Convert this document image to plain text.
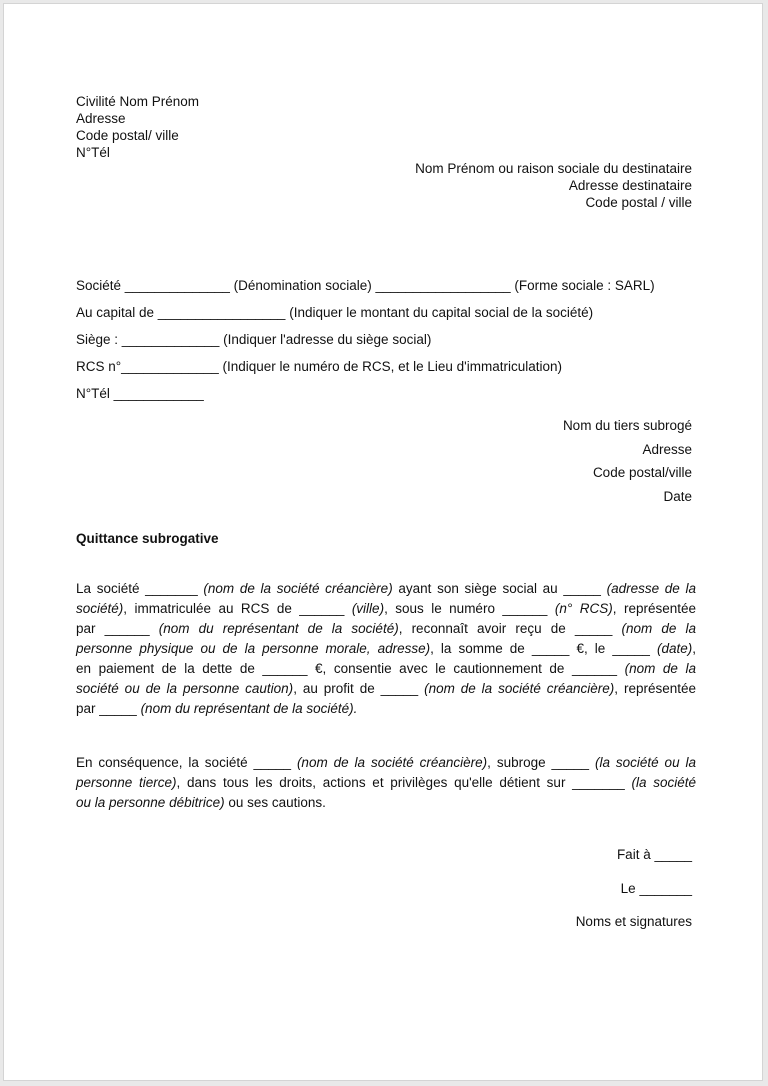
Civilité Nom Prénom
Adresse
Code postal/ ville
N°Tél
Nom Prénom ou raison sociale du destinataire
Adresse destinataire
Code postal / ville

Société ______________ (Dénomination sociale) __________________ (Forme sociale : SARL)

Au capital de _________________ (Indiquer le montant du capital social de la société)

Siège : _____________ (Indiquer l'adresse du siège social)

RCS n°_____________ (Indiquer le numéro de RCS, et le Lieu d'immatriculation)

N°Tél ____________

Nom du tiers subrogé
Adresse
Code postal/ville
Date

Quittance subrogative

La société _______ (nom de la société créancière) ayant son siège social au _____ (adresse de la
société), immatriculée au RCS de ______ (ville), sous le numéro ______ (n° RCS), représentée
par ______ (nom du représentant de la société), reconnaît avoir reçu de _____ (nom de la
personne physique ou de la personne morale, adresse), la somme de _____ €, le _____ (date),
en paiement de la dette de ______ €, consentie avec le cautionnement de ______ (nom de la
société ou de la personne caution), au profit de _____ (nom de la société créancière), représentée
par _____ (nom du représentant de la société).
En conséquence, la société _____ (nom de la société créancière), subroge _____ (la société ou la
personne tierce), dans tous les droits, actions et privilèges qu'elle détient sur _______ (la société
ou la personne débitrice) ou ses cautions.

Fait à _____

Le _______

Noms et signatures
